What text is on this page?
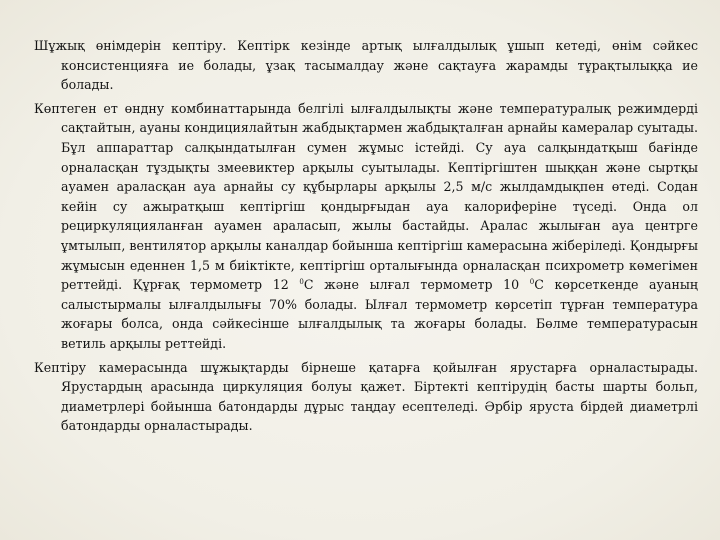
Шұжық өнімдерін кептіру. Кептірк кезінде артық ылғалдылық ұшып кетеді, өнім сәйкес консистенцияға ие болады, ұзақ тасымалдау және сақтауға жарамды тұрақтылыққа ие болады.

Көптеген ет өндну комбинаттарында белгілі ылғалдылықты және температуралық режимдерді сақтайтын, ауаны кондициялайтын жабдықтармен жабдықталған арнайы камералар суытады. Бұл аппараттар салқындатылған сумен жұмыс істейді. Су ауа салқындатқыш бағінде орналасқан тұздықты змеевиктер арқылы суытылады. Кептіргіштен шыққан және сыртқы ауамен араласқан ауа арнайы су құбырлары арқылы 2,5 м/с жылдамдықпен өтеді. Содан кейін су ажыратқыш кептіргіш қондырғыдан ауа калориферіне түседі. Онда ол рециркуляцияланған ауамен араласып, жылы бастайды. Аралас жылыған ауа центрге ұмтылып, вентилятор арқылы каналдар бойынша кептіргіш камерасына жіберіледі. Қондырғы жұмысын еденнен 1,5 м биіктікте, кептіргіш орталығында орналасқан психрометр көмегімен реттейді. Құрғақ термометр 12 $^0$С және ылғал термометр 10 $^0$С көрсеткенде ауаның салыстырмалы ылғалдылығы 70% болады. Ылғал термометр көрсетіп тұрған температура жоғары болса, онда сәйкесінше ылғалдылық та жоғары болады. Бөлме температурасын ветиль арқылы реттейді.

Кептіру камерасында шұжықтарды бірнеше қатарға қойылған ярустарға орналастырады. Ярустардың арасында циркуляция болуы қажет. Біртекті кептірудің басты шарты больп, диаметрлері бойынша батондарды дұрыс таңдау есептеледі. Әрбір яруста бірдей диаметрлі батондарды орналастырады.
